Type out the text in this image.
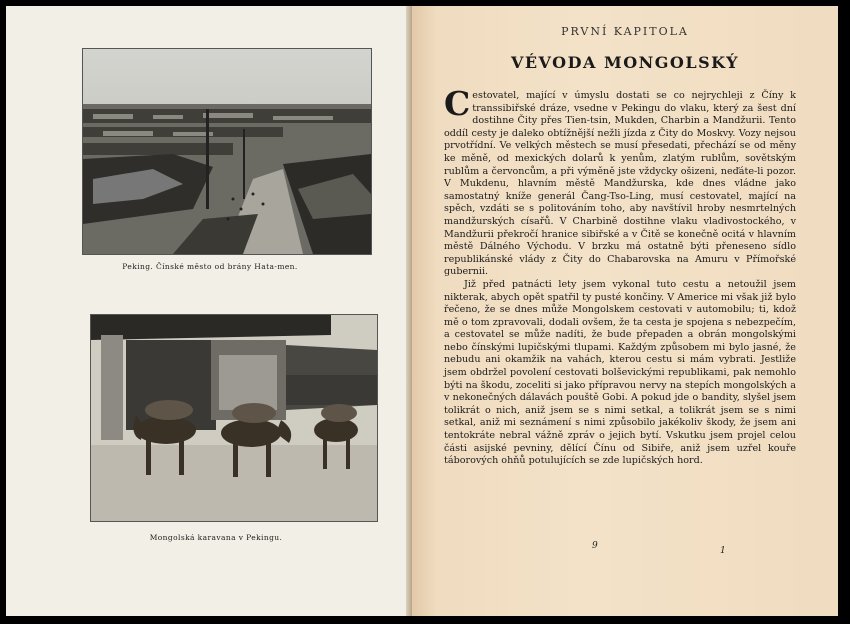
Peking. Čínské město od brány Hata-men.
Mongolská karavana v Pekingu.
PRVNÍ KAPITOLA
VÉVODA MONGOLSKÝ

Cestovatel, mající v úmyslu dostati se co nejrychleji z Číny k transsibiřské dráze, vsedne v Pekingu do vlaku, který za šest dní dostihne Čity přes Tien-tsin, Mukden, Charbin a Mandžurii. Tento oddíl cesty je daleko obtížnější nežli jízda z Čity do Moskvy. Vozy nejsou prvotřídní. Ve velkých městech se musí přesedati, přechází se od měny ke měně, od mexických dolarů k yenům, zlatým rublům, sovětským rublům a červoncům, a při výměně jste vždycky ošizeni, neďáte-li pozor. V Mukdenu, hlavním městě Mandžurska, kde dnes vládne jako samostatný kníže generál Čang-Tso-Ling, musí cestovatel, mající na spěch, vzdáti se s politováním toho, aby navštívil hroby nesmrtelných mandžurských císařů. V Charbině dostihne vlaku vladivostockého, v Mandžurii překročí hranice sibiřské a v Čitě se konečně ocitá v hlavním městě Dálného Východu. V brzku má ostatně býti přeneseno sídlo republikánské vlády z Čity do Chabarovska na Amuru v Přímořské gubernii.

Již před patnácti lety jsem vykonal tuto cestu a netoužil jsem nikterak, abych opět spatřil ty pusté končiny. V Americe mi však již bylo řečeno, že se dnes může Mongolskem cestovati v automobilu; ti, kdož mě o tom zpravovali, dodali ovšem, že ta cesta je spojena s nebezpečím, a cestovatel se může nadíti, že bude přepaden a obrán mongolskými nebo čínskými lupičskými tlupami. Každým způsobem mi bylo jasné, že nebudu ani okamžik na vahách, kterou cestu si mám vybrati. Jestliže jsem obdržel povolení cestovati bolševickými republikami, pak nemohlo býti na škodu, zoceliti si jako přípravou nervy na stepích mongolských a v nekonečných dálavách pouště Gobi. A pokud jde o bandity, slyšel jsem tolikrát o nich, aniž jsem se s nimi setkal, a tolikrát jsem se s nimi setkal, aniž mi seznámení s nimi způsobilo jakékoliv škody, že jsem ani tentokráte nebral vážně zpráv o jejich bytí. Vskutku jsem projel celou části asijské pevniny, dělící Čínu od Sibiře, aniž jsem uzřel kouře táborových ohňů potulujících se zde lupičských hord.

9	1
